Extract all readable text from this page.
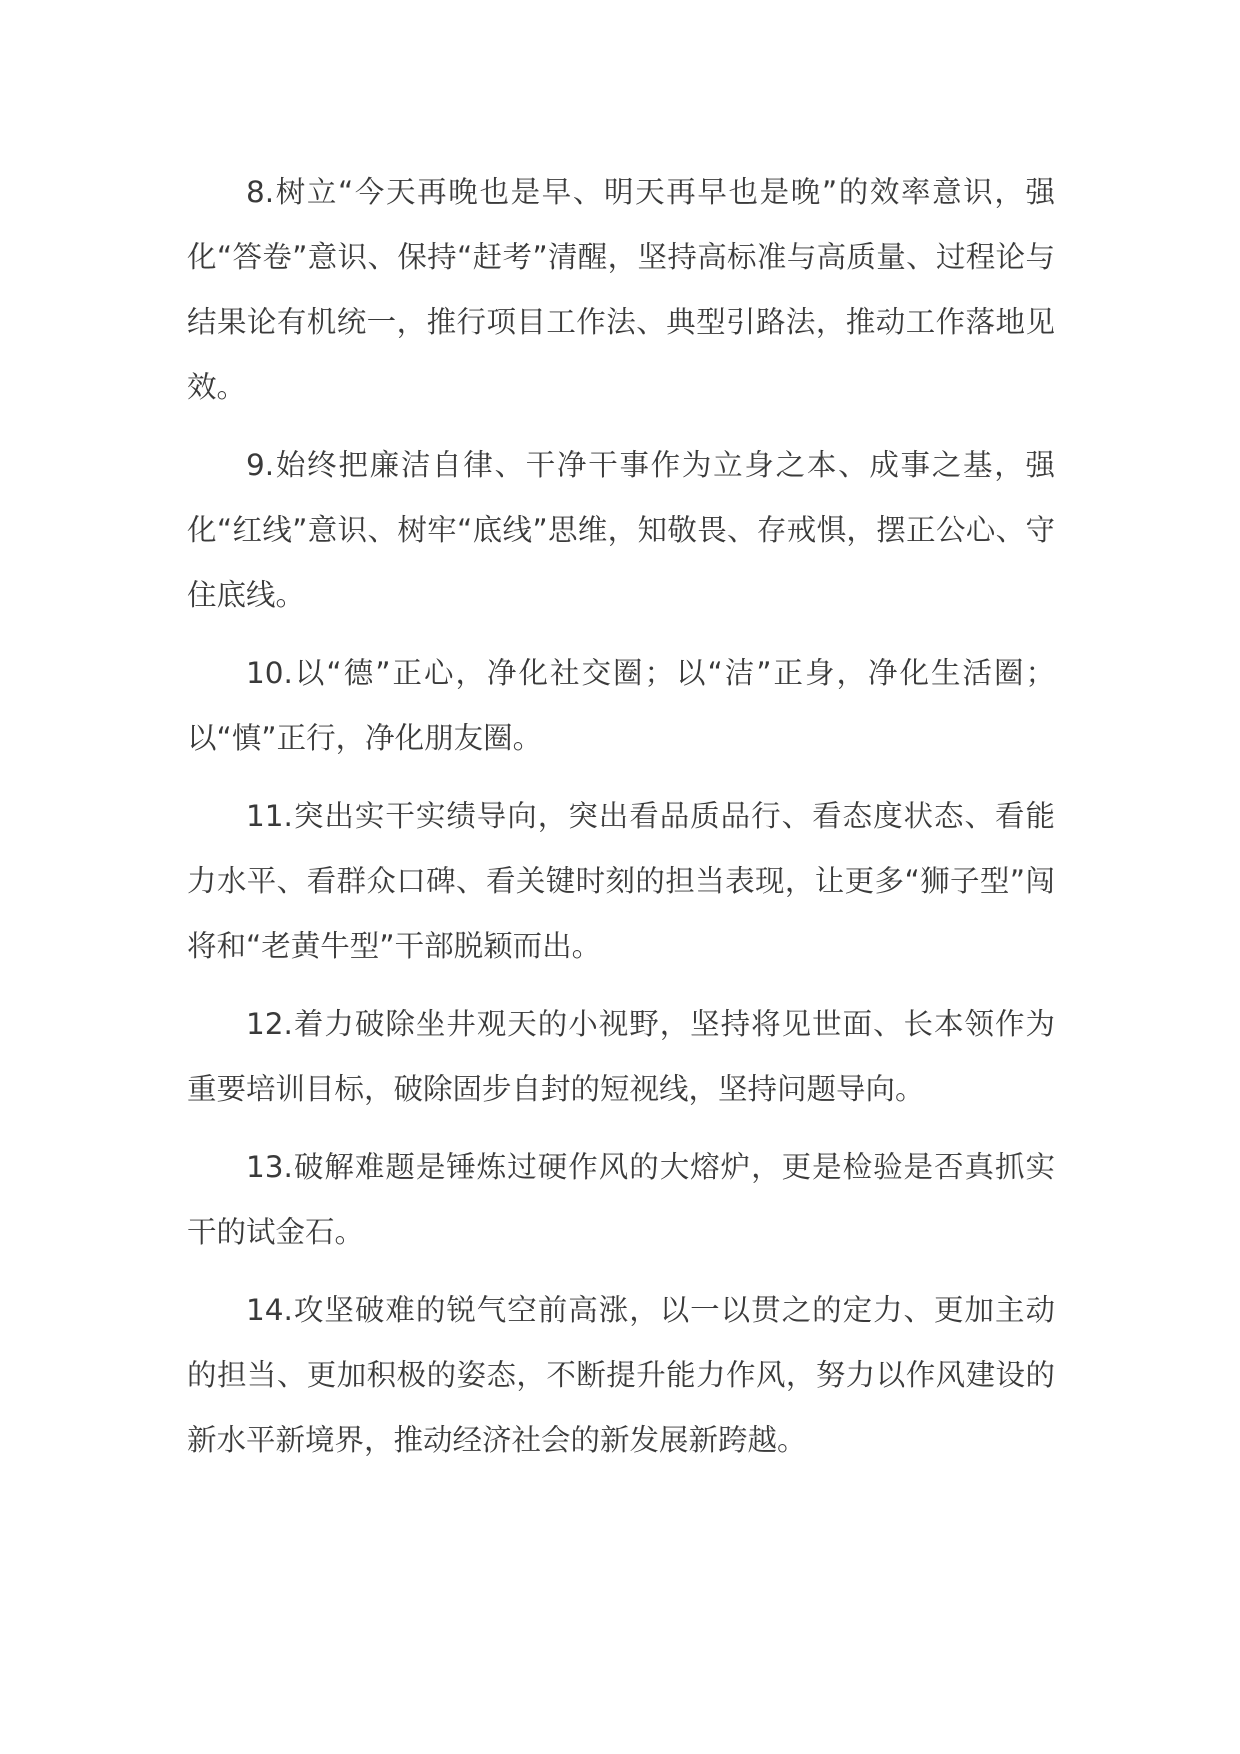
8.树立“今天再晚也是早、明天再早也是晚”的效率意识，强化“答卷”意识、保持“赶考”清醒，坚持高标准与高质量、过程论与结果论有机统一，推行项目工作法、典型引路法，推动工作落地见效。

9.始终把廉洁自律、干净干事作为立身之本、成事之基，强化“红线”意识、树牢“底线”思维，知敬畏、存戒惧，摆正公心、守住底线。

10.以“德”正心，净化社交圈；以“洁”正身，净化生活圈；以“慎”正行，净化朋友圈。

11.突出实干实绩导向，突出看品质品行、看态度状态、看能力水平、看群众口碑、看关键时刻的担当表现，让更多“狮子型”闯将和“老黄牛型”干部脱颖而出。

12.着力破除坐井观天的小视野，坚持将见世面、长本领作为重要培训目标，破除固步自封的短视线，坚持问题导向。

13.破解难题是锤炼过硬作风的大熔炉，更是检验是否真抓实干的试金石。

14.攻坚破难的锐气空前高涨，以一以贯之的定力、更加主动的担当、更加积极的姿态，不断提升能力作风，努力以作风建设的新水平新境界，推动经济社会的新发展新跨越。
